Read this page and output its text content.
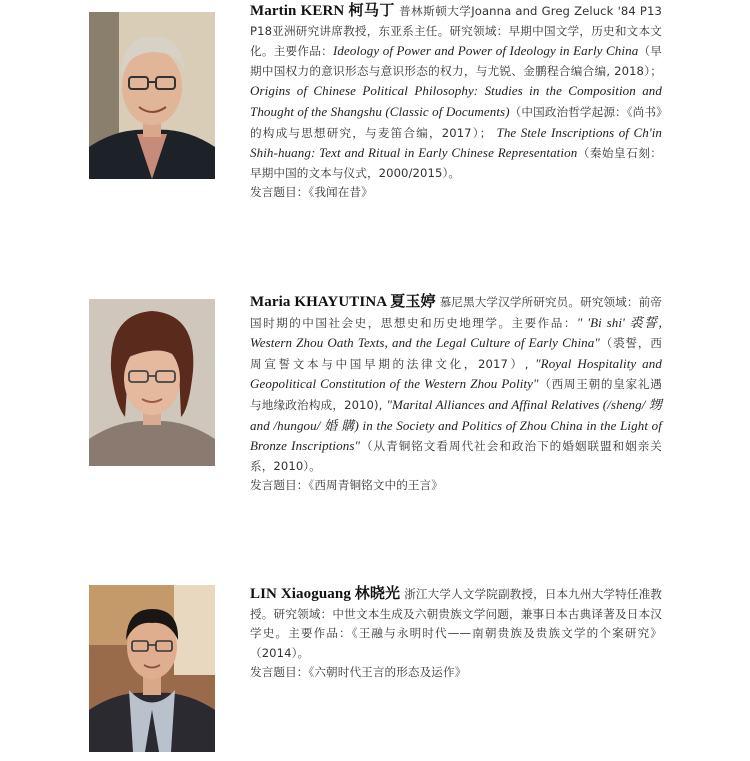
Martin KERN 柯马丁 普林斯顿大学Joanna and Greg Zeluck '84 P13 P18亚洲研究讲席教授，东亚系主任。研究领域：早期中国文学，历史和文本文化。主要作品：Ideology of Power and Power of Ideology in Early China（早期中国权力的意识形态与意识形态的权力，与尤锐、金鹏程合编合编, 2018）； Origins of Chinese Political Philosophy: Studies in the Composition and Thought of the Shangshu (Classic of Documents)（中国政治哲学起源：《尚书》的构成与思想研究，与麦笛合编，2017）； The Stele Inscriptions of Ch'in Shih-huang: Text and Ritual in Early Chinese Representation（秦始皇石刻：早期中国的文本与仪式，2000/2015）。
发言题目：《我闻在昔》
Maria KHAYUTINA 夏玉婷 慕尼黑大学汉学所研究员。研究领域：前帝国时期的中国社会史，思想史和历史地理学。主要作品：" 'Bi shi' 裘誓, Western Zhou Oath Texts, and the Legal Culture of Early China"（裘誓，西周宣誓文本与中国早期的法律文化，2017）, "Royal Hospitality and Geopolitical Constitution of the Western Zhou Polity"（西周王朝的皇家礼遇与地缘政治构成，2010), "Marital Alliances and Affinal Relatives (/sheng/ 甥 and /hungou/ 婚 購) in the Society and Politics of Zhou China in the Light of Bronze Inscriptions"（从青铜铭文看周代社会和政治下的婚姻联盟和姻亲关系，2010）。
发言题目：《西周青铜铭文中的王言》
LIN Xiaoguang 林晓光 浙江大学人文学院副教授，日本九州大学特任准教授。研究领域：中世文本生成及六朝贵族文学问题，兼事日本古典译著及日本汉学史。主要作品：《王融与永明时代——南朝贵族及贵族文学的个案研究》（2014）。
发言题目：《六朝时代王言的形态及运作》
